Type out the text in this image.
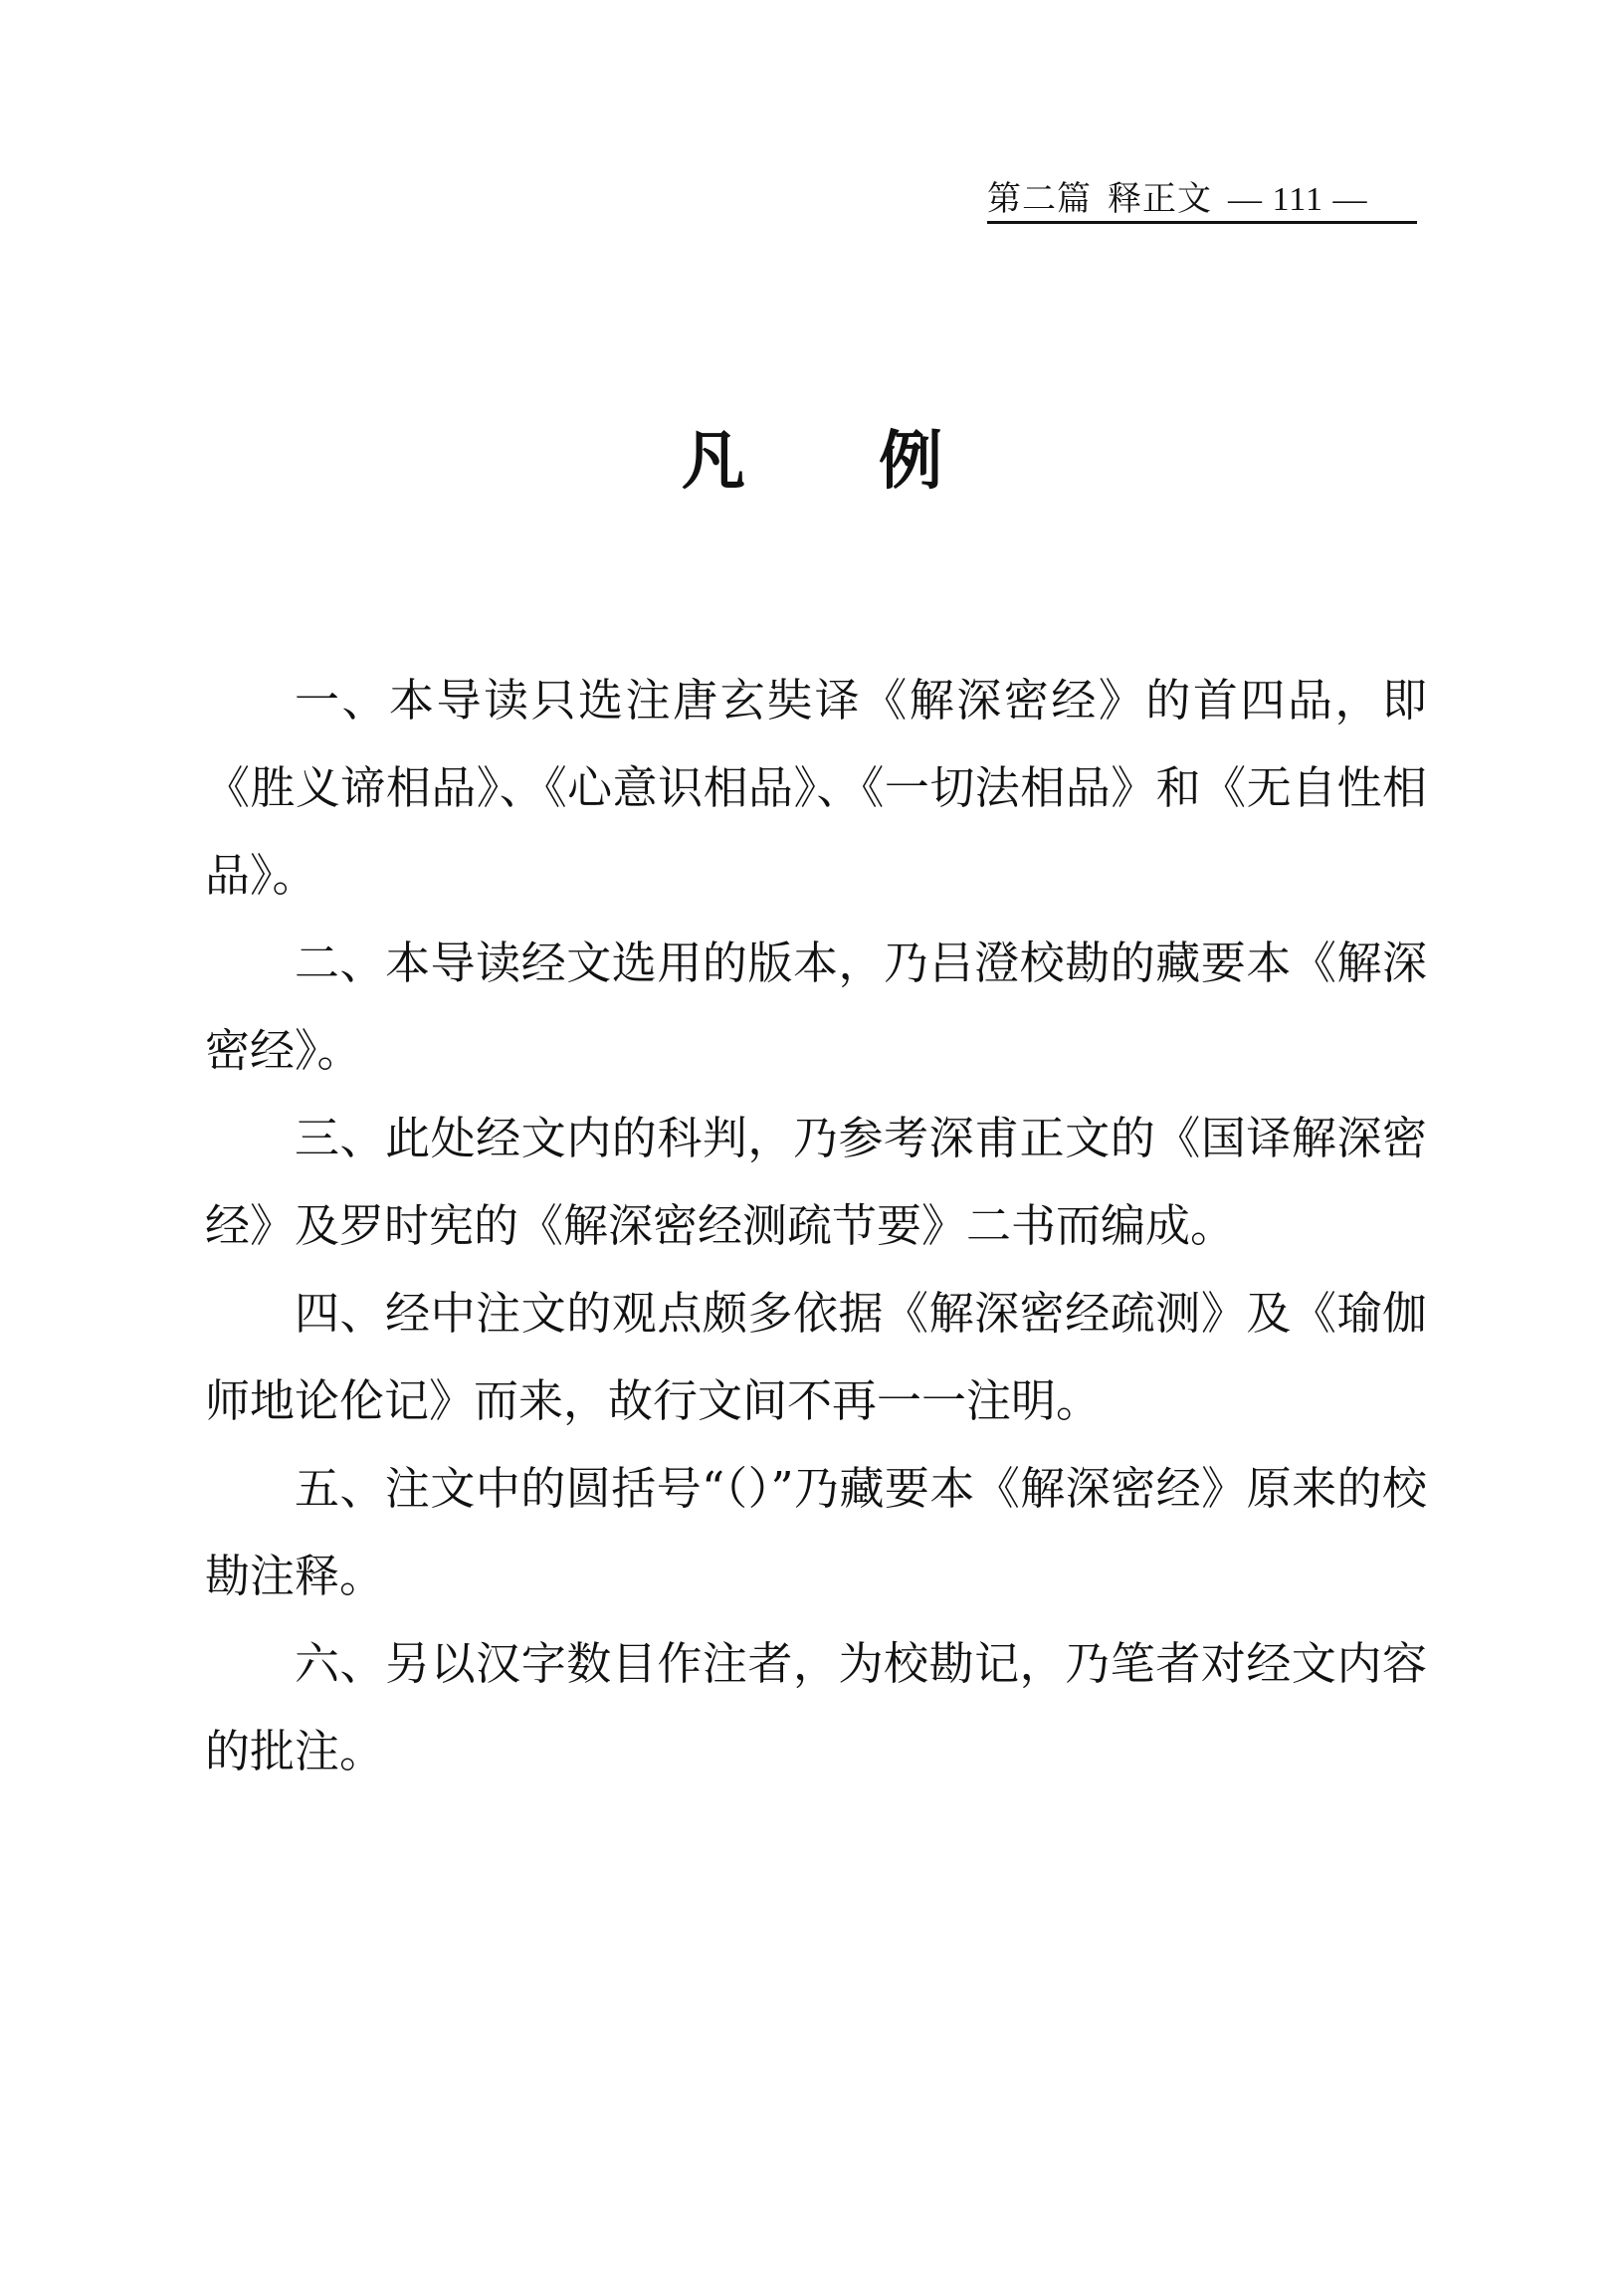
第二篇 释正文 — 111 —
凡 例

一、本导读只选注唐玄奘译《解深密经》的首四品，即《胜义谛相品》、《心意识相品》、《一切法相品》和《无自性相品》。

二、本导读经文选用的版本，乃吕澄校勘的藏要本《解深密经》。

三、此处经文内的科判，乃参考深甫正文的《国译解深密经》及罗时宪的《解深密经测疏节要》二书而编成。

四、经中注文的观点颇多依据《解深密经疏测》及《瑜伽师地论伦记》而来，故行文间不再一一注明。

五、注文中的圆括号“（）”乃藏要本《解深密经》原来的校勘注释。

六、另以汉字数目作注者，为校勘记，乃笔者对经文内容的批注。
